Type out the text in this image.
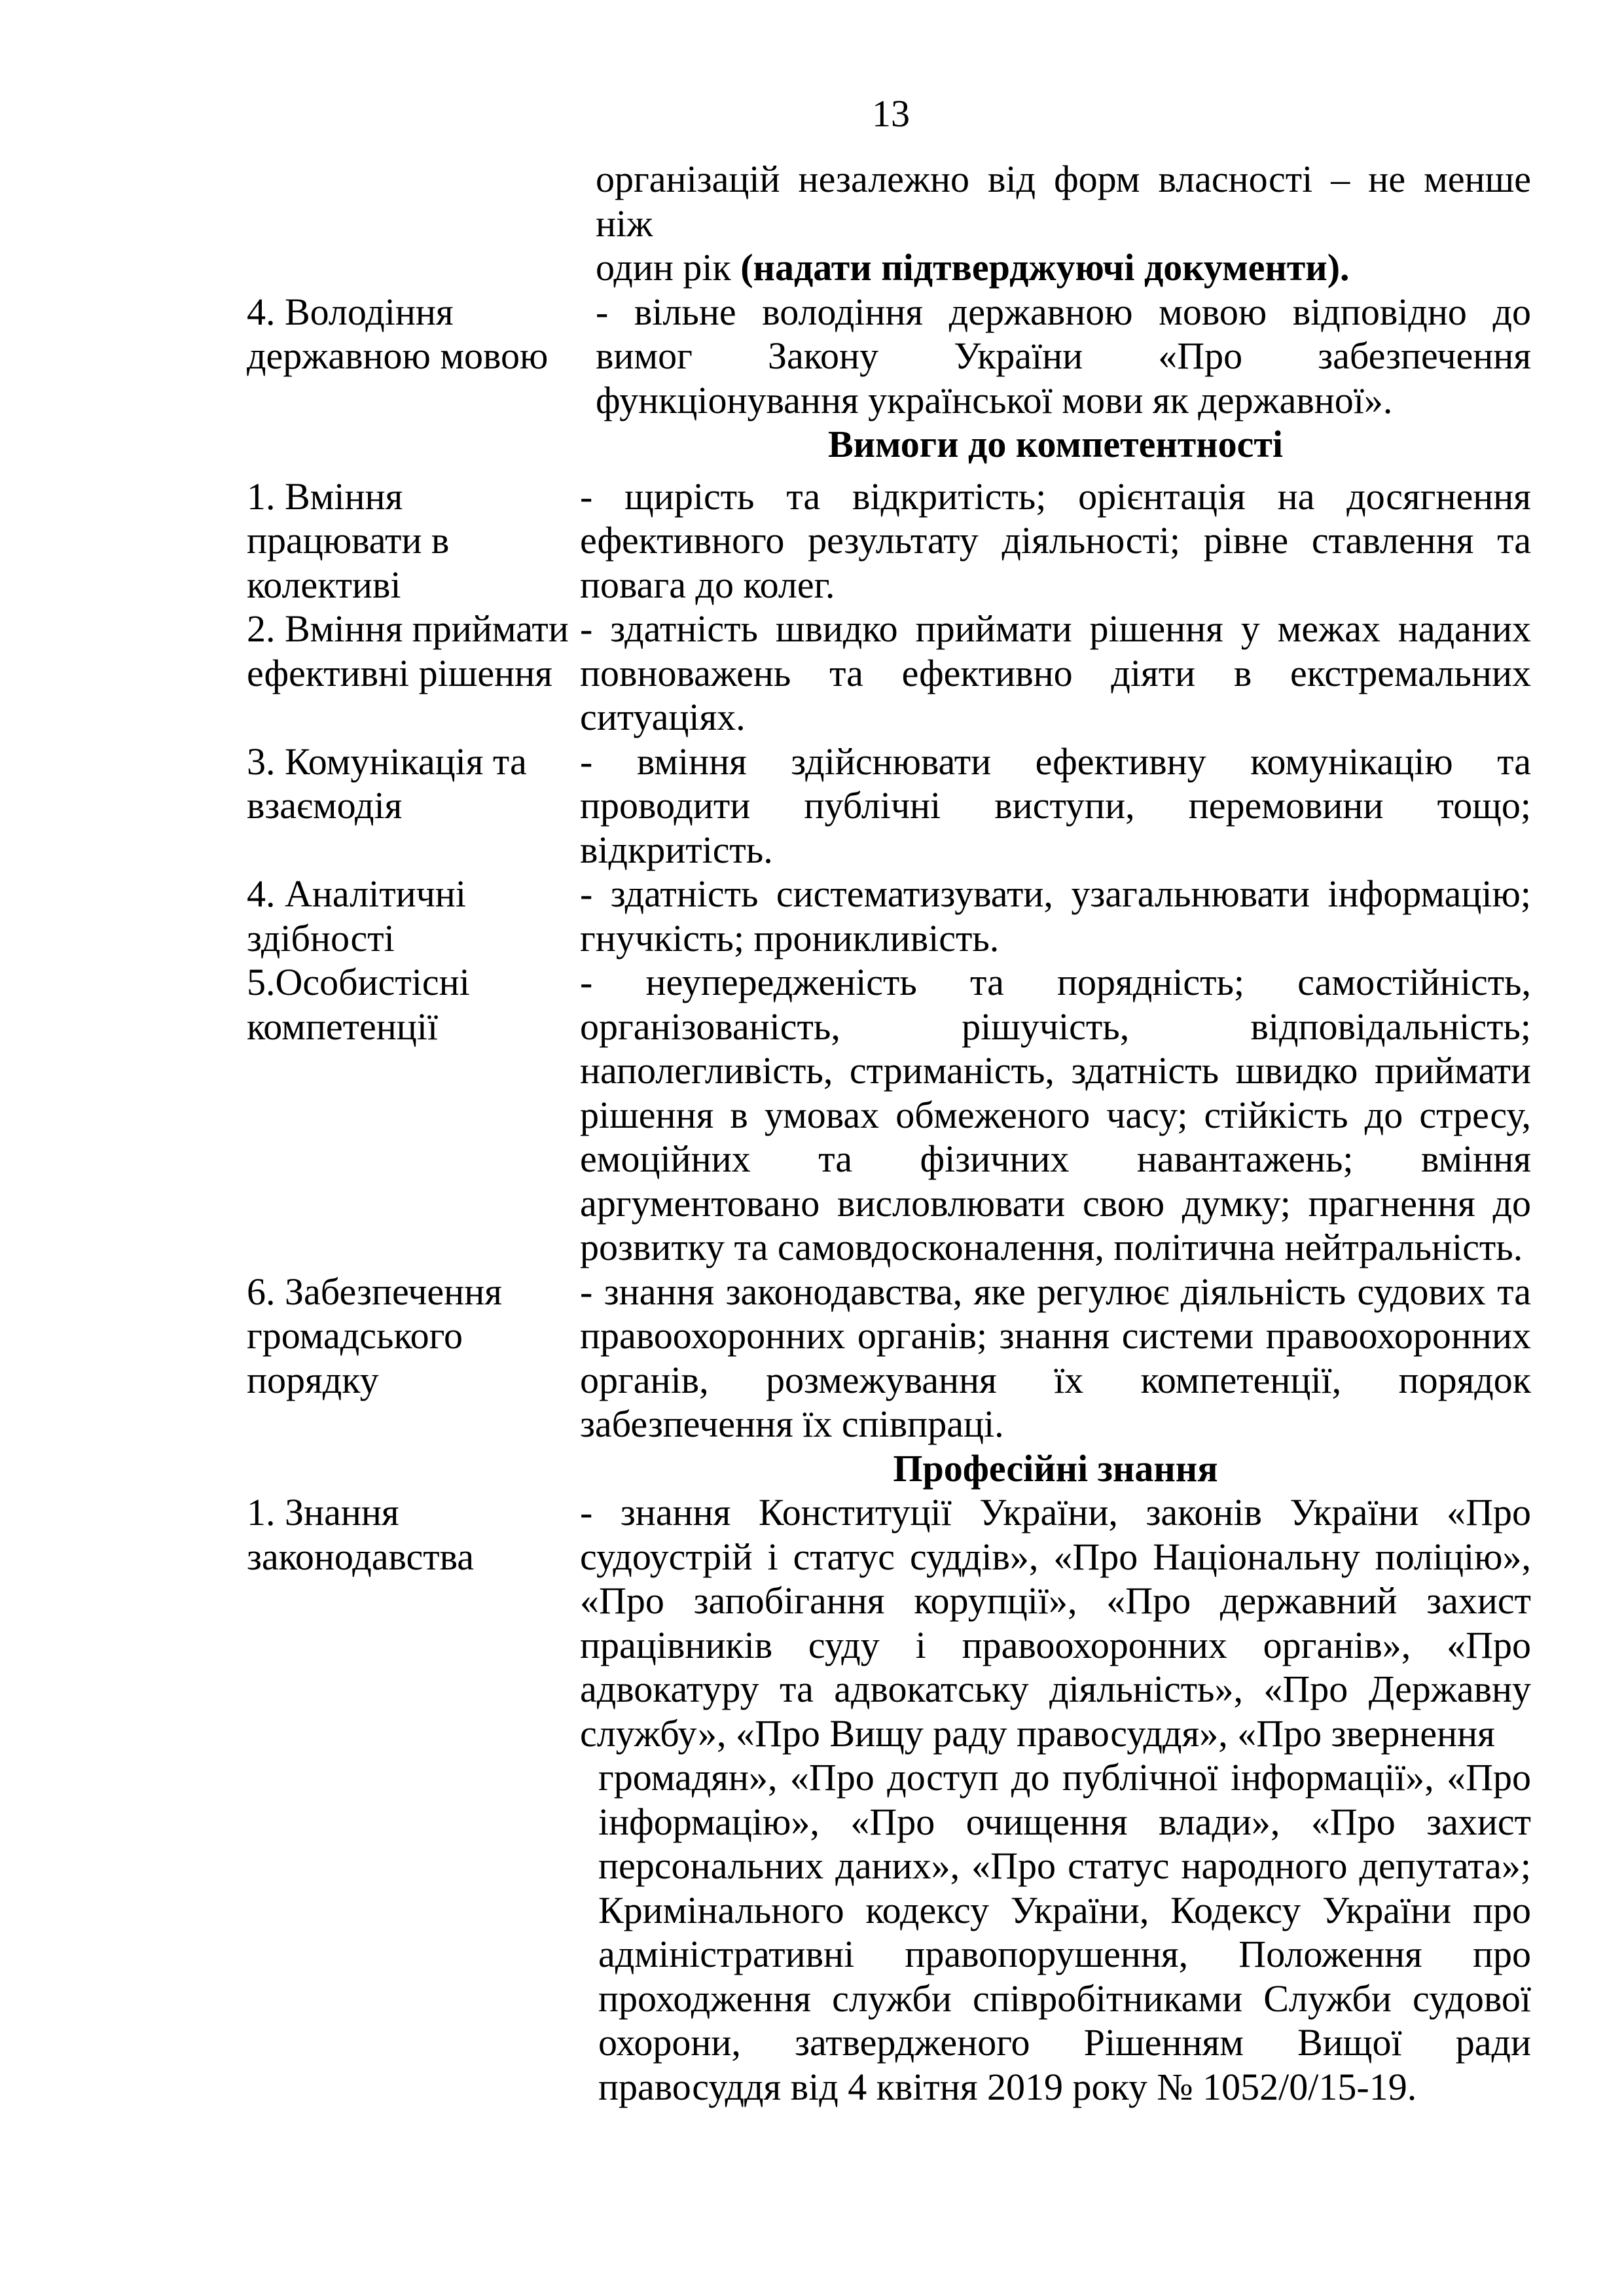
13
організацій незалежно від форм власності – не менше ніж
один рік (надати підтверджуючі документи).
4. Володіння державною мовою
- вільне володіння державною мовою відповідно до вимог Закону України «Про забезпечення функціонування української мови як державної».
Вимоги до компетентності
1. Вміння працювати в колективі
- щирість та відкритість; орієнтація на досягнення ефективного результату діяльності; рівне ставлення та повага до колег.
2. Вміння приймати ефективні рішення
- здатність швидко приймати рішення у межах наданих повноважень та ефективно діяти в екстремальних ситуаціях.
3. Комунікація та взаємодія
- вміння здійснювати ефективну комунікацію та проводити публічні виступи, перемовини тощо; відкритість.
4. Аналітичні здібності
- здатність систематизувати, узагальнювати інформацію; гнучкість; проникливість.
5.Особистісні компетенції
- неупередженість та порядність; самостійність, організованість, рішучість, відповідальність; наполегливість, стриманість, здатність швидко приймати рішення в умовах обмеженого часу; стійкість до стресу, емоційних та фізичних навантажень; вміння аргументовано висловлювати свою думку; прагнення до розвитку та самовдосконалення, політична нейтральність.
6. Забезпечення громадського порядку
- знання законодавства, яке регулює діяльність судових та правоохоронних органів; знання системи правоохоронних органів, розмежування їх компетенції, порядок забезпечення їх співпраці.
Професійні знання
1. Знання законодавства
- знання Конституції України, законів України «Про судоустрій і статус суддів», «Про Національну поліцію», «Про запобігання корупції», «Про державний захист працівників суду і правоохоронних органів», «Про адвокатуру та адвокатську діяльність», «Про Державну службу», «Про Вищу раду правосуддя», «Про звернення
громадян», «Про доступ до публічної інформації», «Про інформацію», «Про очищення влади», «Про захист персональних даних», «Про статус народного депутата»; Кримінального кодексу України, Кодексу України про адміністративні правопорушення, Положення про проходження служби співробітниками Служби судової охорони, затвердженого Рішенням Вищої ради правосуддя від 4 квітня 2019 року № 1052/0/15-19.
